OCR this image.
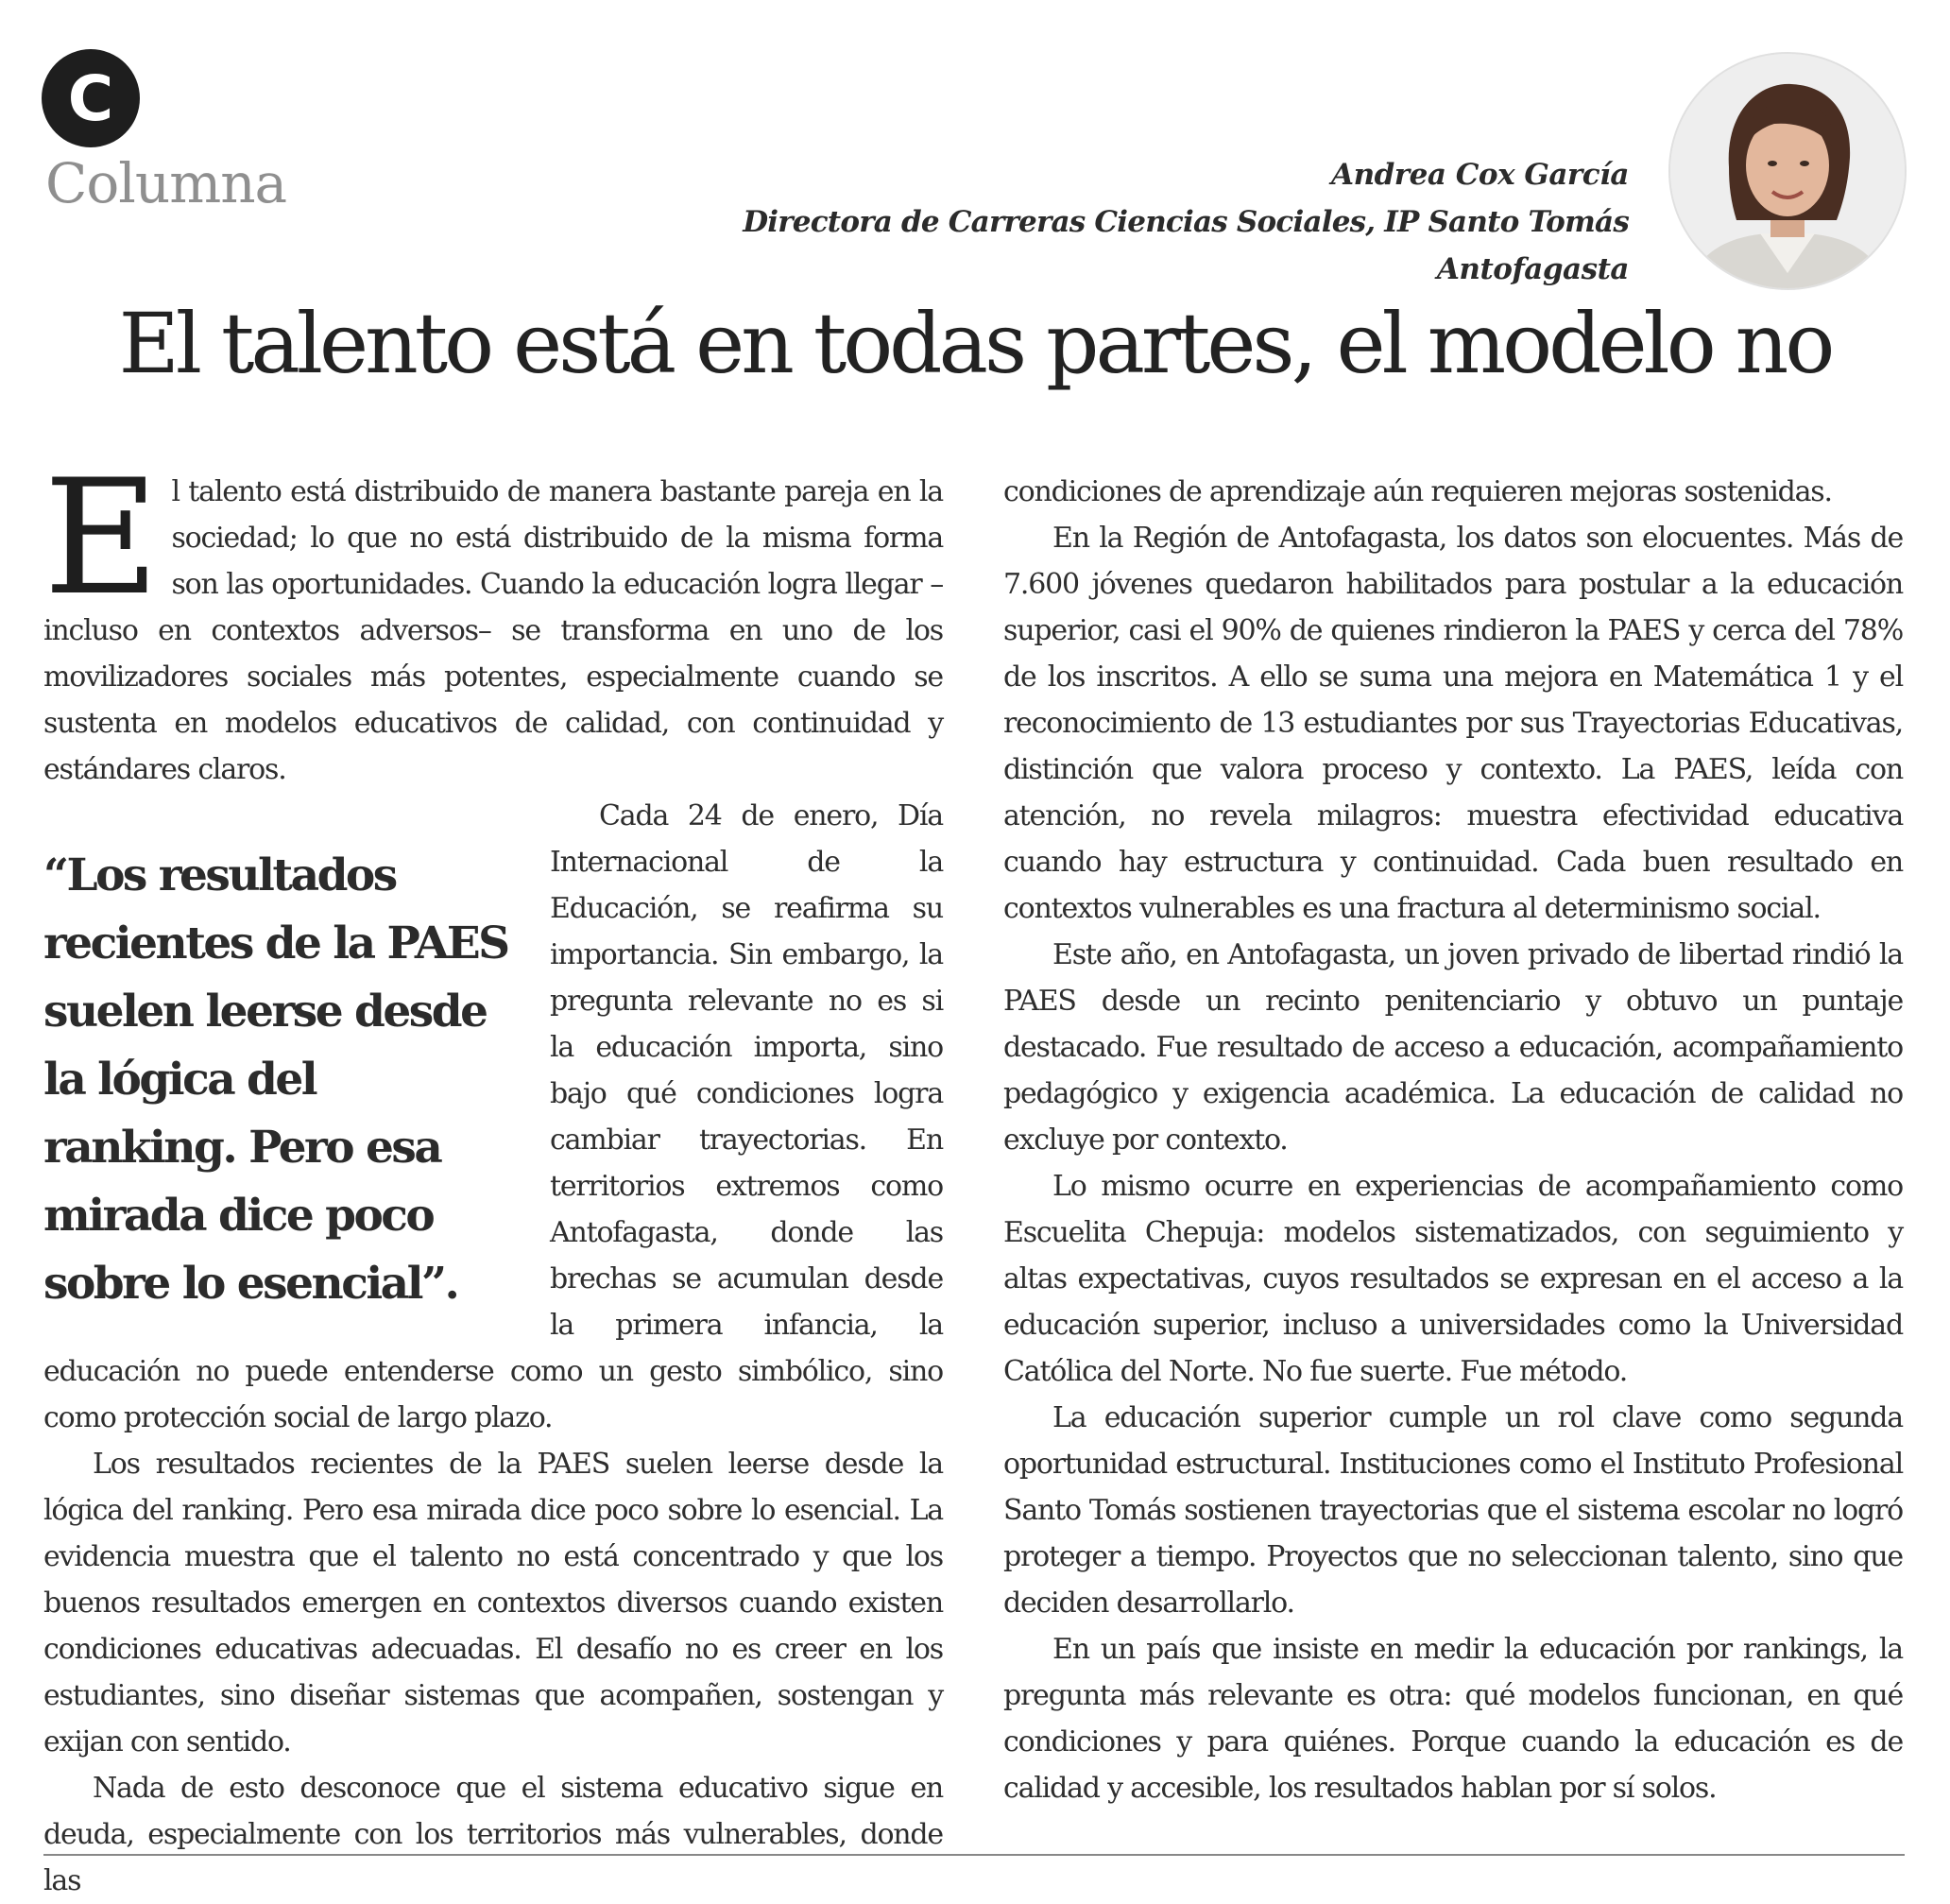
C
Columna	Andrea Cox García
Directora de Carreras Ciencias Sociales, IP Santo Tomás
Antofagasta
El talento está en todas partes, el modelo no

El talento está distribuido de manera bastante pareja en la sociedad; lo que no está distribuido de la misma forma son las oportunidades. Cuando la educación logra llegar –incluso en contextos adversos– se transforma en uno de los movilizadores sociales más potentes, especialmente cuando se sustenta en modelos educativos de calidad, con continuidad y estándares claros.

“Los resultados recientes de la PAES suelen leerse desde la lógica del ranking. Pero esa mirada dice poco sobre lo esencial”.

Cada 24 de enero, Día Internacional de la Educación, se reafirma su importancia. Sin embargo, la pregunta relevante no es si la educación importa, sino bajo qué condiciones logra cambiar trayectorias. En territorios extremos como Antofagasta, donde las brechas se acumulan desde la primera infancia, la educación no puede entenderse como un gesto simbólico, sino como protección social de largo plazo.

Los resultados recientes de la PAES suelen leerse desde la lógica del ranking. Pero esa mirada dice poco sobre lo esencial. La evidencia muestra que el talento no está concentrado y que los buenos resultados emergen en contextos diversos cuando existen condiciones educativas adecuadas. El desafío no es creer en los estudiantes, sino diseñar sistemas que acompañen, sostengan y exijan con sentido.

Nada de esto desconoce que el sistema educativo sigue en deuda, especialmente con los territorios más vulnerables, donde las

condiciones de aprendizaje aún requieren mejoras sostenidas.

En la Región de Antofagasta, los datos son elocuentes. Más de 7.600 jóvenes quedaron habilitados para postular a la educación superior, casi el 90% de quienes rindieron la PAES y cerca del 78% de los inscritos. A ello se suma una mejora en Matemática 1 y el reconocimiento de 13 estudiantes por sus Trayectorias Educativas, distinción que valora proceso y contexto. La PAES, leída con atención, no revela milagros: muestra efectividad educativa cuando hay estructura y continuidad. Cada buen resultado en contextos vulnerables es una fractura al determinismo social.

Este año, en Antofagasta, un joven privado de libertad rindió la PAES desde un recinto penitenciario y obtuvo un puntaje destacado. Fue resultado de acceso a educación, acompañamiento pedagógico y exigencia académica. La educación de calidad no excluye por contexto.

Lo mismo ocurre en experiencias de acompañamiento como Escuelita Chepuja: modelos sistematizados, con seguimiento y altas expectativas, cuyos resultados se expresan en el acceso a la educación superior, incluso a universidades como la Universidad Católica del Norte. No fue suerte. Fue método.

La educación superior cumple un rol clave como segunda oportunidad estructural. Instituciones como el Instituto Profesional Santo Tomás sostienen trayectorias que el sistema escolar no logró proteger a tiempo. Proyectos que no seleccionan talento, sino que deciden desarrollarlo.

En un país que insiste en medir la educación por rankings, la pregunta más relevante es otra: qué modelos funcionan, en qué condiciones y para quiénes. Porque cuando la educación es de calidad y accesible, los resultados hablan por sí solos.
